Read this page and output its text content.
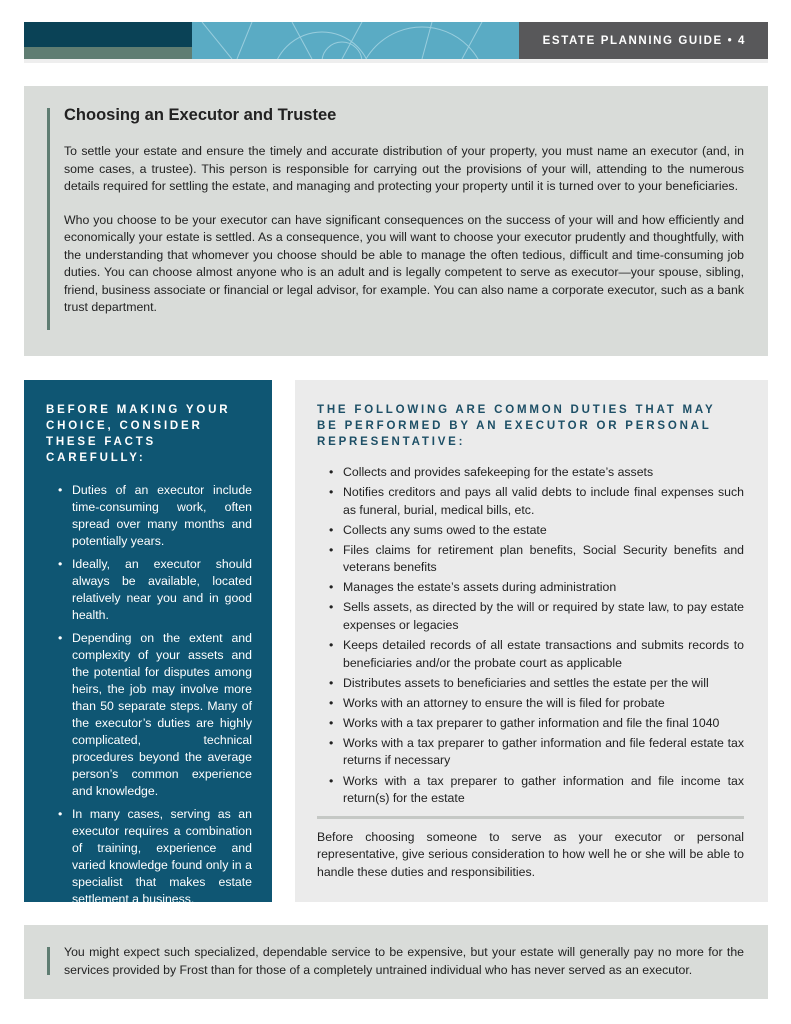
ESTATE PLANNING GUIDE • 4
Choosing an Executor and Trustee

To settle your estate and ensure the timely and accurate distribution of your property, you must name an executor (and, in some cases, a trustee). This person is responsible for carrying out the provisions of your will, attending to the numerous details required for settling the estate, and managing and protecting your property until it is turned over to your beneficiaries.

Who you choose to be your executor can have significant consequences on the success of your will and how efficiently and economically your estate is settled. As a consequence, you will want to choose your executor prudently and thoughtfully, with the understanding that whomever you choose should be able to manage the often tedious, difficult and time-consuming job duties. You can choose almost anyone who is an adult and is legally competent to serve as executor—your spouse, sibling, friend, business associate or financial or legal advisor, for example. You can also name a corporate executor, such as a bank trust department.

BEFORE MAKING YOUR CHOICE, CONSIDER THESE FACTS CAREFULLY:
• Duties of an executor include time-consuming work, often spread over many months and potentially years.
• Ideally, an executor should always be available, located relatively near you and in good health.
• Depending on the extent and complexity of your assets and the potential for disputes among heirs, the job may involve more than 50 separate steps. Many of the executor’s duties are highly complicated, technical procedures beyond the average person’s common experience and knowledge.
• In many cases, serving as an executor requires a combination of training, experience and varied knowledge found only in a specialist that makes estate settlement a business.
THE FOLLOWING ARE COMMON DUTIES THAT MAY BE PERFORMED BY AN EXECUTOR OR PERSONAL REPRESENTATIVE:
• Collects and provides safekeeping for the estate’s assets
• Notifies creditors and pays all valid debts to include final expenses such as funeral, burial, medical bills, etc.
• Collects any sums owed to the estate
• Files claims for retirement plan benefits, Social Security benefits and veterans benefits
• Manages the estate’s assets during administration
• Sells assets, as directed by the will or required by state law, to pay estate expenses or legacies
• Keeps detailed records of all estate transactions and submits records to beneficiaries and/or the probate court as applicable
• Distributes assets to beneficiaries and settles the estate per the will
• Works with an attorney to ensure the will is filed for probate
• Works with a tax preparer to gather information and file the final 1040
• Works with a tax preparer to gather information and file federal estate tax returns if necessary
• Works with a tax preparer to gather information and file income tax return(s) for the estate

Before choosing someone to serve as your executor or personal representative, give serious consideration to how well he or she will be able to handle these duties and responsibilities.

You might expect such specialized, dependable service to be expensive, but your estate will generally pay no more for the services provided by Frost than for those of a completely untrained individual who has never served as an executor.
